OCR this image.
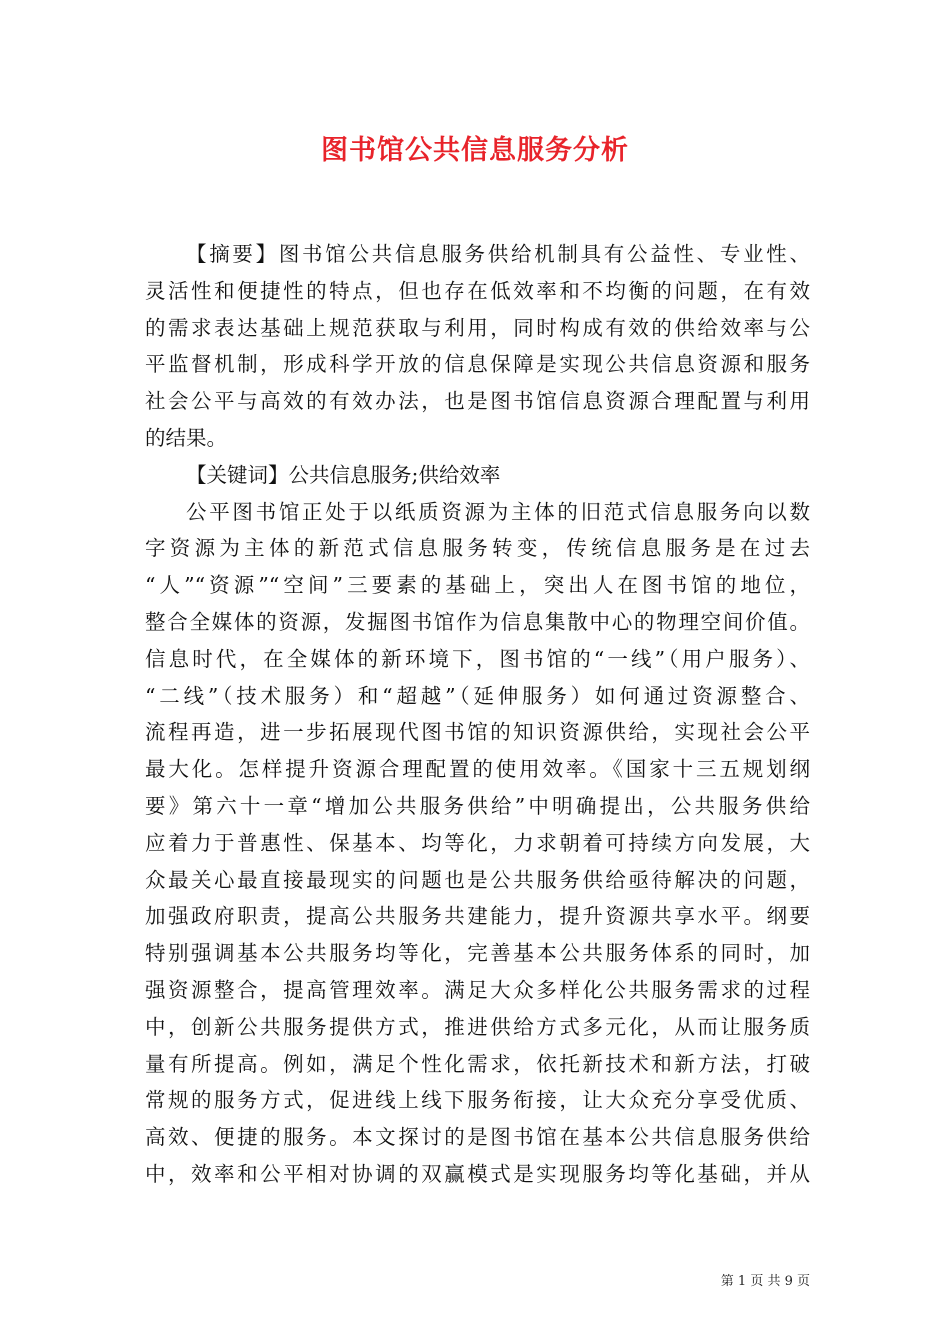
图书馆公共信息服务分析
【摘要】图书馆公共信息服务供给机制具有公益性、专业性、
灵活性和便捷性的特点，但也存在低效率和不均衡的问题，在有效
的需求表达基础上规范获取与利用，同时构成有效的供给效率与公
平监督机制，形成科学开放的信息保障是实现公共信息资源和服务
社会公平与高效的有效办法，也是图书馆信息资源合理配置与利用
的结果。
【关键词】公共信息服务;供给效率
公平图书馆正处于以纸质资源为主体的旧范式信息服务向以数
字资源为主体的新范式信息服务转变，传统信息服务是在过去
“人”“资源”“空间”三要素的基础上，突出人在图书馆的地位，
整合全媒体的资源，发掘图书馆作为信息集散中心的物理空间价值。
信息时代，在全媒体的新环境下，图书馆的“一线”（用户服务）、
“二线”（技术服务）和“超越”（延伸服务）如何通过资源整合、
流程再造，进一步拓展现代图书馆的知识资源供给，实现社会公平
最大化。怎样提升资源合理配置的使用效率。《国家十三五规划纲
要》第六十一章“增加公共服务供给”中明确提出，公共服务供给
应着力于普惠性、保基本、均等化，力求朝着可持续方向发展，大
众最关心最直接最现实的问题也是公共服务供给亟待解决的问题，
加强政府职责，提高公共服务共建能力，提升资源共享水平。纲要
特别强调基本公共服务均等化，完善基本公共服务体系的同时，加
强资源整合，提高管理效率。满足大众多样化公共服务需求的过程
中，创新公共服务提供方式，推进供给方式多元化，从而让服务质
量有所提高。例如，满足个性化需求，依托新技术和新方法，打破
常规的服务方式，促进线上线下服务衔接，让大众充分享受优质、
高效、便捷的服务。本文探讨的是图书馆在基本公共信息服务供给
中，效率和公平相对协调的双赢模式是实现服务均等化基础，并从
第 1 页 共 9 页
